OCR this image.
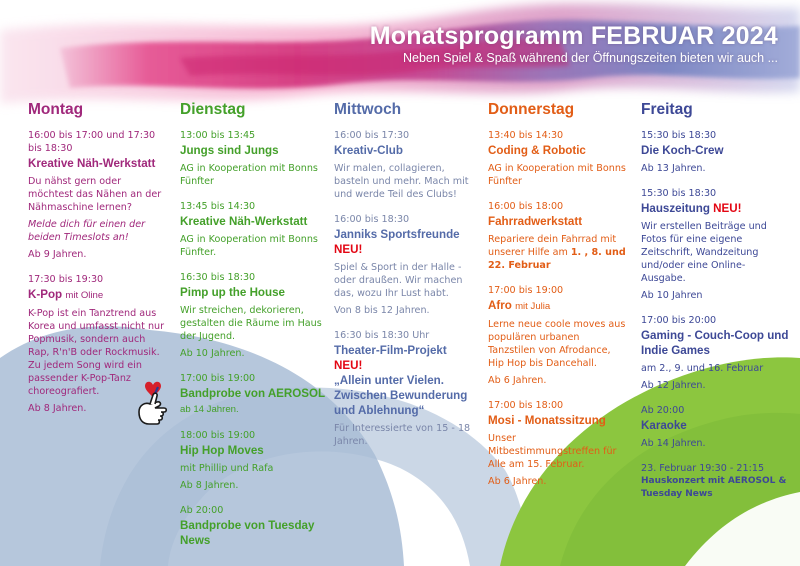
Monatsprogramm FEBRUAR 2024
Neben Spiel & Spaß während der Öffnungszeiten bieten wir auch ...
Montag
16:00 bis 17:00 und 17:30 bis 18:30
Kreative Näh-Werkstatt
Du nähst gern oder möchtest das Nähen an der Nähmaschine lernen?
Melde dich für einen der beiden Timeslots an!
Ab 9 Jahren.
17:30 bis 19:30
K-Pop mit Oline
K-Pop ist ein Tanztrend aus Korea und umfasst nicht nur Popmusik, sondern auch Rap, R'n'B oder Rockmusik. Zu jedem Song wird ein passender K-Pop-Tanz choreografiert.
Ab 8 Jahren.
Dienstag
13:00 bis 13:45
Jungs sind Jungs
AG in Kooperation mit Bonns Fünfter
13:45 bis 14:30
Kreative Näh-Werkstatt
AG in Kooperation mit Bonns Fünfter.
16:30 bis 18:30
Pimp up the House
Wir streichen, dekorieren, gestalten die Räume im Haus der Jugend.
Ab 10 Jahren.
17:00 bis 19:00
Bandprobe von AEROSOL ab 14 Jahren.
18:00 bis 19:00
Hip Hop Moves
mit Phillip und Rafa
Ab 8 Jahren.
Ab 20:00
Bandprobe von Tuesday News
Mittwoch
16:00 bis 17:30
Kreativ-Club
Wir malen, collagieren, basteln und mehr. Mach mit und werde Teil des Clubs!
16:00 bis 18:30
Janniks Sportsfreunde NEU!
Spiel & Sport in der Halle - oder draußen. Wir machen das, wozu Ihr Lust habt.
Von 8 bis 12 Jahren.
16:30 bis 18:30 Uhr
Theater-Film-Projekt NEU!
„Allein unter Vielen. Zwischen Bewunderung und Ablehnung“
Für Interessierte von 15 - 18 Jahren.
Donnerstag
13:40 bis 14:30
Coding & Robotic
AG in Kooperation mit Bonns Fünfter
16:00 bis 18:00
Fahrradwerkstatt
Repariere dein Fahrrad mit unserer Hilfe am 1. , 8. und 22. Februar
17:00 bis 19:00
Afro mit Julia
Lerne neue coole moves aus populären urbanen Tanzstilen von Afrodance, Hip Hop bis Dancehall.
Ab 6 Jahren.
17:00 bis 18:00
Mosi - Monatssitzung
Unser Mitbestimmungstreffen für Alle am 15. Februar.
Ab 6 Jahren.
Freitag
15:30 bis 18:30
Die Koch-Crew
Ab 13 Jahren.
15:30 bis 18:30
Hauszeitung NEU!
Wir erstellen Beiträge und Fotos für eine eigene Zeitschrift, Wandzeitung und/oder eine Online-Ausgabe.
Ab 10 Jahren
17:00 bis 20:00
Gaming - Couch-Coop und Indie Games
am 2., 9. und 16. Februar
Ab 12 Jahren.
Ab 20:00
Karaoke
Ab 14 Jahren.
23. Februar 19:30 - 21:15
Hauskonzert mit AEROSOL & Tuesday News
